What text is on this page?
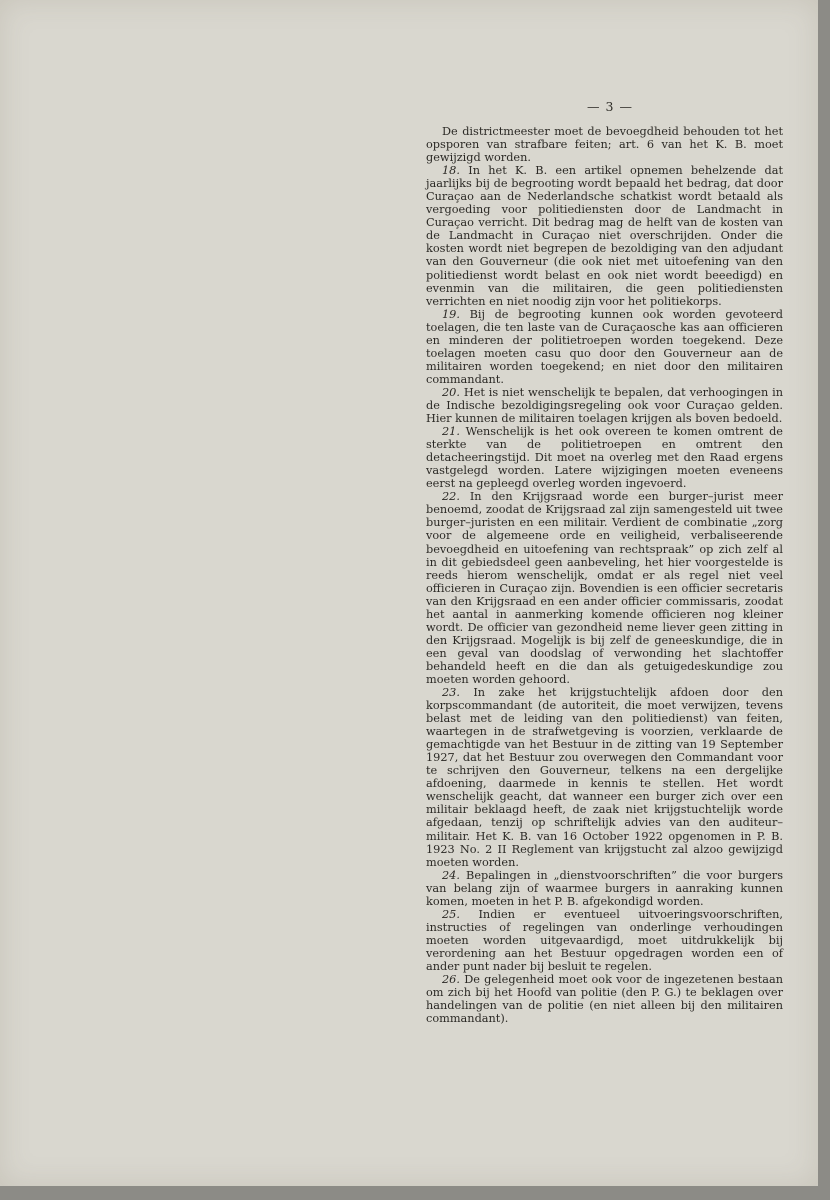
— 3 —

De districtmeester moet de bevoegdheid behouden tot het opsporen van strafbare feiten; art. 6 van het K. B. moet gewijzigd worden.

18. In het K. B. een artikel opnemen behelzende dat jaarlijks bij de begrooting wordt bepaald het bedrag, dat door Curaçao aan de Nederlandsche schatkist wordt betaald als vergoeding voor politiediensten door de Landmacht in Curaçao verricht. Dit bedrag mag de helft van de kosten van de Landmacht in Curaçao niet overschrijden. Onder die kosten wordt niet begrepen de bezoldiging van den adjudant van den Gouverneur (die ook niet met uitoefening van den politiedienst wordt belast en ook niet wordt beeedigd) en evenmin van die militairen, die geen politiediensten verrichten en niet noodig zijn voor het politiekorps.

19. Bij de begrooting kunnen ook worden gevoteerd toelagen, die ten laste van de Curaçaosche kas aan officieren en minderen der politietroepen worden toegekend. Deze toelagen moeten casu quo door den Gouverneur aan de militairen worden toegekend; en niet door den militairen commandant.

20. Het is niet wenschelijk te bepalen, dat verhoogingen in de Indische bezoldigingsregeling ook voor Curaçao gelden. Hier kunnen de militairen toelagen krijgen als boven bedoeld.

21. Wenschelijk is het ook overeen te komen omtrent de sterkte van de politietroepen en omtrent den detacheeringstijd. Dit moet na overleg met den Raad ergens vastgelegd worden. Latere wijzigingen moeten eveneens eerst na gepleegd overleg worden ingevoerd.

22. In den Krijgsraad worde een burger–jurist meer benoemd, zoodat de Krijgsraad zal zijn samengesteld uit twee burger–juristen en een militair. Verdient de combinatie „zorg voor de algemeene orde en veiligheid, verbaliseerende bevoegdheid en uitoefening van rechtspraak” op zich zelf al in dit gebiedsdeel geen aanbeveling, het hier voorgestelde is reeds hierom wenschelijk, omdat er als regel niet veel officieren in Curaçao zijn. Bovendien is een officier secretaris van den Krijgsraad en een ander officier commissaris, zoodat het aantal in aanmerking komende officieren nog kleiner wordt. De officier van gezondheid neme liever geen zitting in den Krijgsraad. Mogelijk is bij zelf de geneeskundige, die in een geval van doodslag of verwonding het slachtoffer behandeld heeft en die dan als getuigedeskundige zou moeten worden gehoord.

23. In zake het krijgstuchtelijk afdoen door den korpscommandant (de autoriteit, die moet verwijzen, tevens belast met de leiding van den politiedienst) van feiten, waartegen in de strafwetgeving is voorzien, verklaarde de gemachtigde van het Bestuur in de zitting van 19 September 1927, dat het Bestuur zou overwegen den Commandant voor te schrijven den Gouverneur, telkens na een dergelijke afdoening, daarmede in kennis te stellen. Het wordt wenschelijk geacht, dat wanneer een burger zich over een militair beklaagd heeft, de zaak niet krijgstuchtelijk worde afgedaan, tenzij op schriftelijk advies van den auditeur–militair. Het K. B. van 16 October 1922 opgenomen in P. B. 1923 No. 2 II Reglement van krijgstucht zal alzoo gewijzigd moeten worden.

24. Bepalingen in „dienstvoorschriften” die voor burgers van belang zijn of waarmee burgers in aanraking kunnen komen, moeten in het P. B. afgekondigd worden.

25. Indien er eventueel uitvoeringsvoorschriften, instructies of regelingen van onderlinge verhoudingen moeten worden uitgevaardigd, moet uitdrukkelijk bij verordening aan het Bestuur opgedragen worden een of ander punt nader bij besluit te regelen.

26. De gelegenheid moet ook voor de ingezetenen bestaan om zich bij het Hoofd van politie (den P. G.) te beklagen over handelingen van de politie (en niet alleen bij den militairen commandant).
